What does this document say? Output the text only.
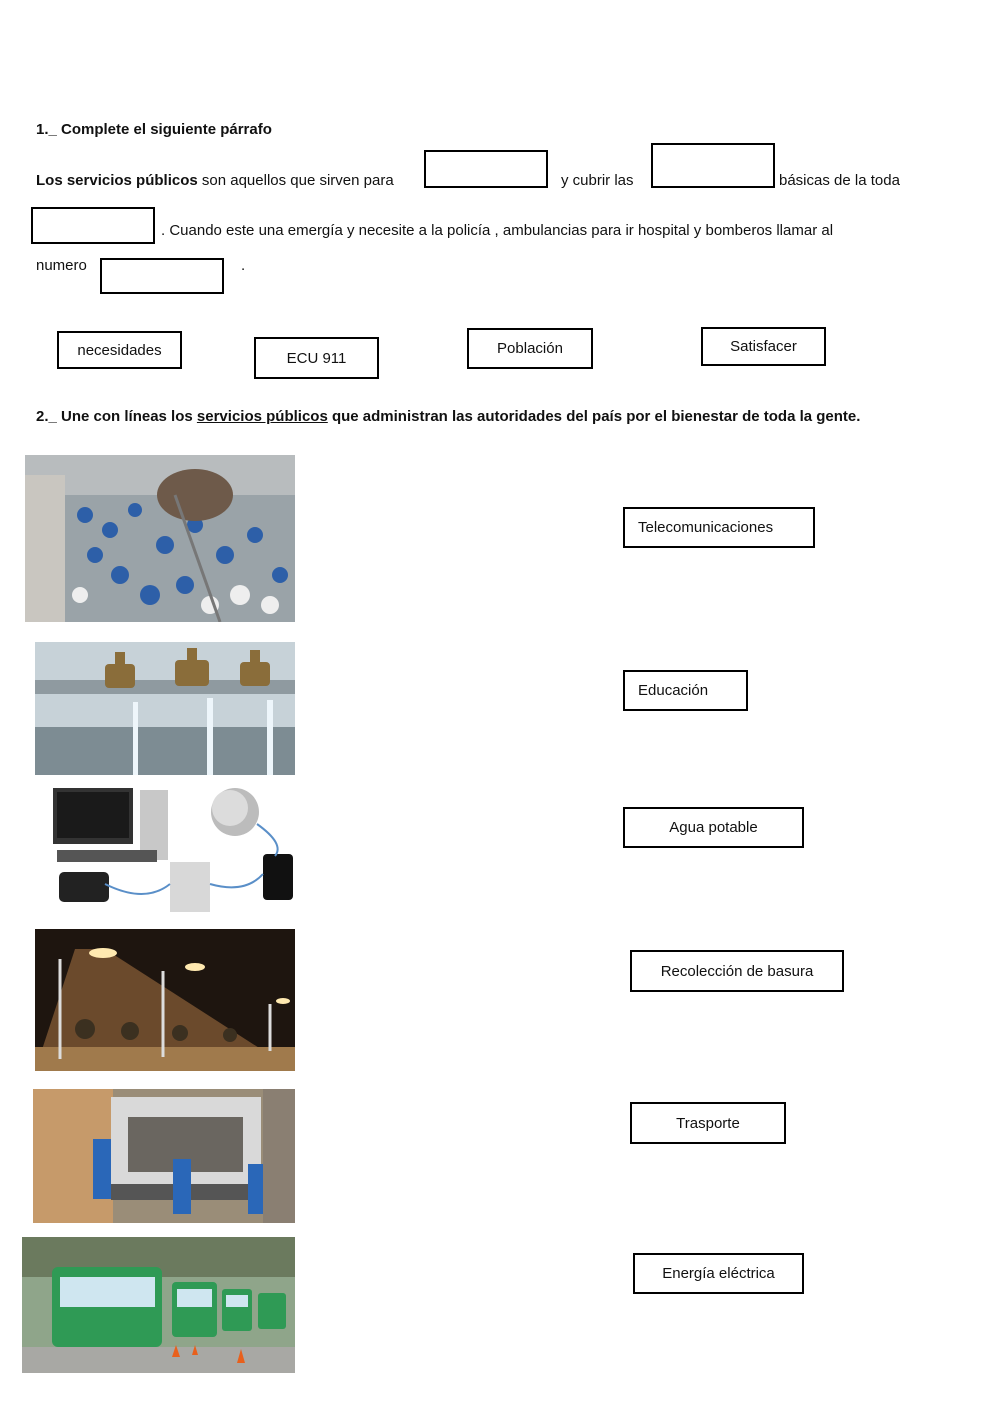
1._ Complete el siguiente párrafo
Los servicios públicos son aquellos que sirven para	y cubrir las	básicas de la toda
. Cuando este una emergía y necesite a la policía , ambulancias para ir hospital y bomberos llamar al
numero	.
necesidades	ECU 911
Población	Satisfacer
2._ Une con líneas los servicios públicos que administran las autoridades del país por el bienestar de toda la gente.
Telecomunicaciones
Educación
Agua potable
Recolección de basura
Trasporte
Energía eléctrica
